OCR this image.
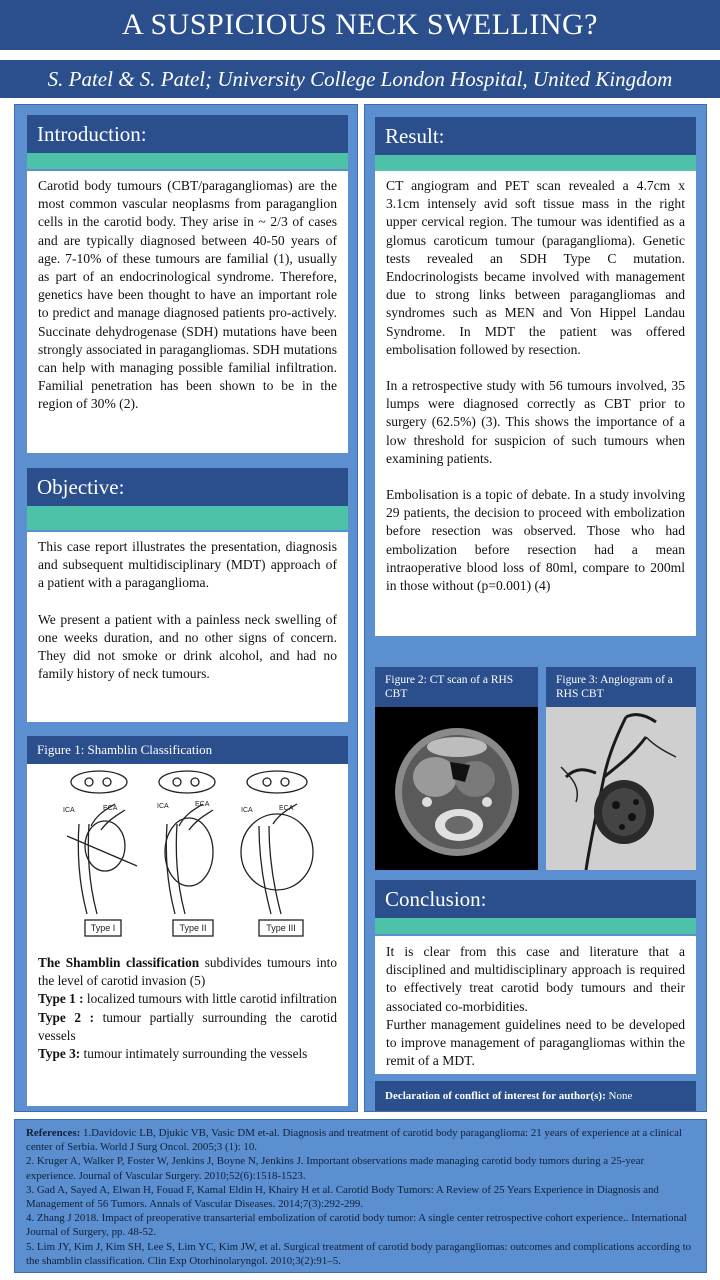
A SUSPICIOUS NECK SWELLING?
S. Patel & S. Patel; University College London Hospital, United Kingdom
Introduction:

Carotid body tumours (CBT/paragangliomas) are the most common vascular neoplasms from paraganglion cells in the carotid body. They arise in ~ 2/3 of cases and are typically diagnosed between 40-50 years of age. 7-10% of these tumours are familial (1), usually as part of an endocrinological syndrome. Therefore, genetics have been thought to have an important role to predict and manage diagnosed patients pro-actively. Succinate dehydrogenase (SDH) mutations have been strongly associated in paragangliomas. SDH mutations can help with managing possible familial infiltration. Familial penetration has been shown to be in the region of 30% (2).

Objective:

This case report illustrates the presentation, diagnosis and subsequent multidisciplinary (MDT) approach of a patient with a paraganglioma.

We present a patient with a painless neck swelling of one weeks duration, and no other signs of concern. They did not smoke or drink alcohol, and had no family history of neck tumours.

Figure 1: Shamblin Classification
ICA	ECA	ICA	ECA
ICA	ECA
Type I	Type II	Type III

The Shamblin classification subdivides tumours into the level of carotid invasion (5)

Type 1 : localized tumours with little carotid infiltration

Type 2 : tumour partially surrounding the carotid vessels

Type 3: tumour intimately surrounding the vessels

Result:

CT angiogram and PET scan revealed a 4.7cm x 3.1cm intensely avid soft tissue mass in the right upper cervical region. The tumour was identified as a glomus caroticum tumour (paraganglioma). Genetic tests revealed an SDH Type C mutation. Endocrinologists became involved with management due to strong links between paragangliomas and syndromes such as MEN and Von Hippel Landau Syndrome. In MDT the patient was offered embolisation followed by resection.

In a retrospective study with 56 tumours involved, 35 lumps were diagnosed correctly as CBT prior to surgery (62.5%) (3). This shows the importance of a low threshold for suspicion of such tumours when examining patients.

Embolisation is a topic of debate. In a study involving 29 patients, the decision to proceed with embolization before resection was observed. Those who had embolization before resection had a mean intraoperative blood loss of 80ml, compare to 200ml in those without (p=0.001) (4)

Figure 2: CT scan of a RHS CBT
Figure 3: Angiogram of a RHS CBT
Conclusion:

It is clear from this case and literature that a disciplined and multidisciplinary approach is required to effectively treat carotid body tumours and their associated co-morbidities.

Further management guidelines need to be developed to improve management of paragangliomas within the remit of a MDT.

Declaration of conflict of interest for author(s): None

References: 1.Davidovic LB, Djukic VB, Vasic DM et-al. Diagnosis and treatment of carotid body paraganglioma: 21 years of experience at a clinical center of Serbia. World J Surg Oncol. 2005;3 (1): 10.

2. Kruger A, Walker P, Foster W, Jenkins J, Boyne N, Jenkins J. Important observations made managing carotid body tumors during a 25-year experience. Journal of Vascular Surgery. 2010;52(6):1518-1523.

3. Gad A, Sayed A, Elwan H, Fouad F, Kamal Eldin H, Khairy H et al. Carotid Body Tumors: A Review of 25 Years Experience in Diagnosis and Management of 56 Tumors. Annals of Vascular Diseases. 2014;7(3):292-299.

4. Zhang J 2018. Impact of preoperative transarterial embolization of carotid body tumor: A single center retrospective cohort experience.. International Journal of Surgery, pp. 48-52.

5. Lim JY, Kim J, Kim SH, Lee S, Lim YC, Kim JW, et al. Surgical treatment of carotid body paragangliomas: outcomes and complications according to the shamblin classification. Clin Exp Otorhinolaryngol. 2010;3(2):91–5.
